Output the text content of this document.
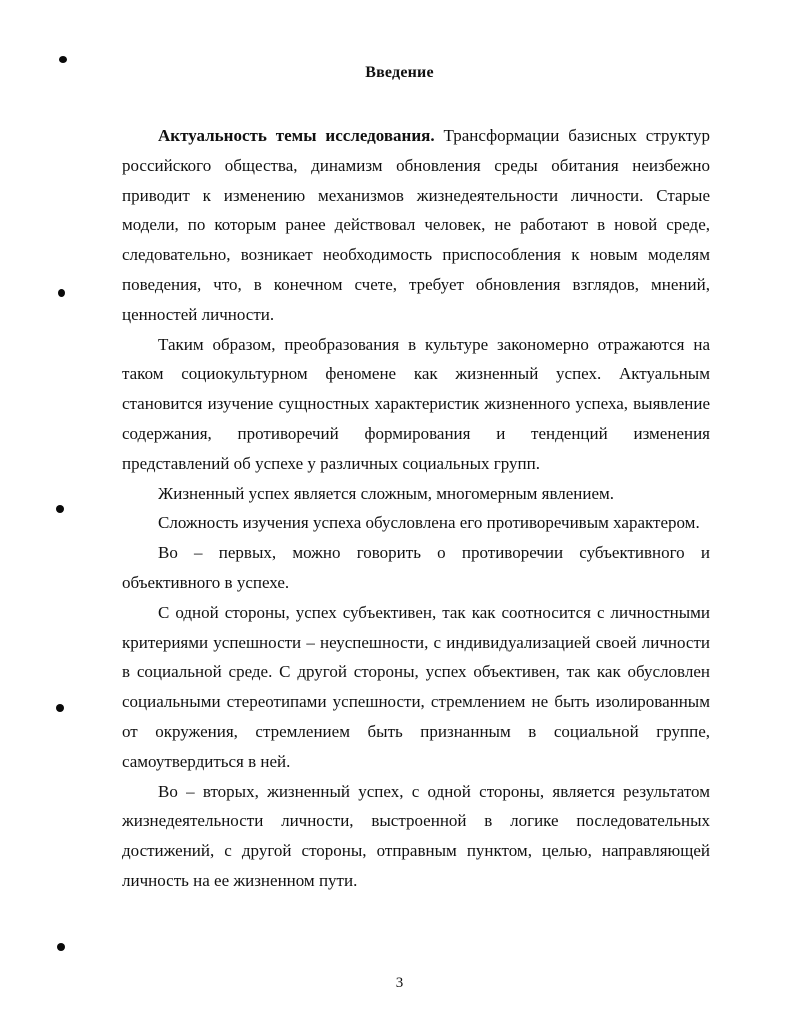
Введение

Актуальность темы исследования. Трансформации базисных структур российского общества, динамизм обновления среды обитания неизбежно приводит к изменению механизмов жизнедеятельности личности. Старые модели, по которым ранее действовал человек, не работают в новой среде, следовательно, возникает необходимость приспособления к новым моделям поведения, что, в конечном счете, требует обновления взглядов, мнений, ценностей личности.

Таким образом, преобразования в культуре закономерно отражаются на таком социокультурном феномене как жизненный успех. Актуальным становится изучение сущностных характеристик жизненного успеха, выявление содержания, противоречий формирования и тенденций изменения представлений об успехе у различных социальных групп.

Жизненный успех является сложным, многомерным явлением.

Сложность изучения успеха обусловлена его противоречивым характером.

Во – первых, можно говорить о противоречии субъективного и объективного в успехе.

С одной стороны, успех субъективен, так как соотносится с личностными критериями успешности – неуспешности, с индивидуализацией своей личности в социальной среде. С другой стороны, успех объективен, так как обусловлен социальными стереотипами успешности, стремлением не быть изолированным от окружения, стремлением быть признанным в социальной группе, самоутвердиться в ней.

Во – вторых, жизненный успех, с одной стороны, является результатом жизнедеятельности личности, выстроенной в логике последовательных достижений, с другой стороны, отправным пунктом, целью, направляющей личность на ее жизненном пути.

3
